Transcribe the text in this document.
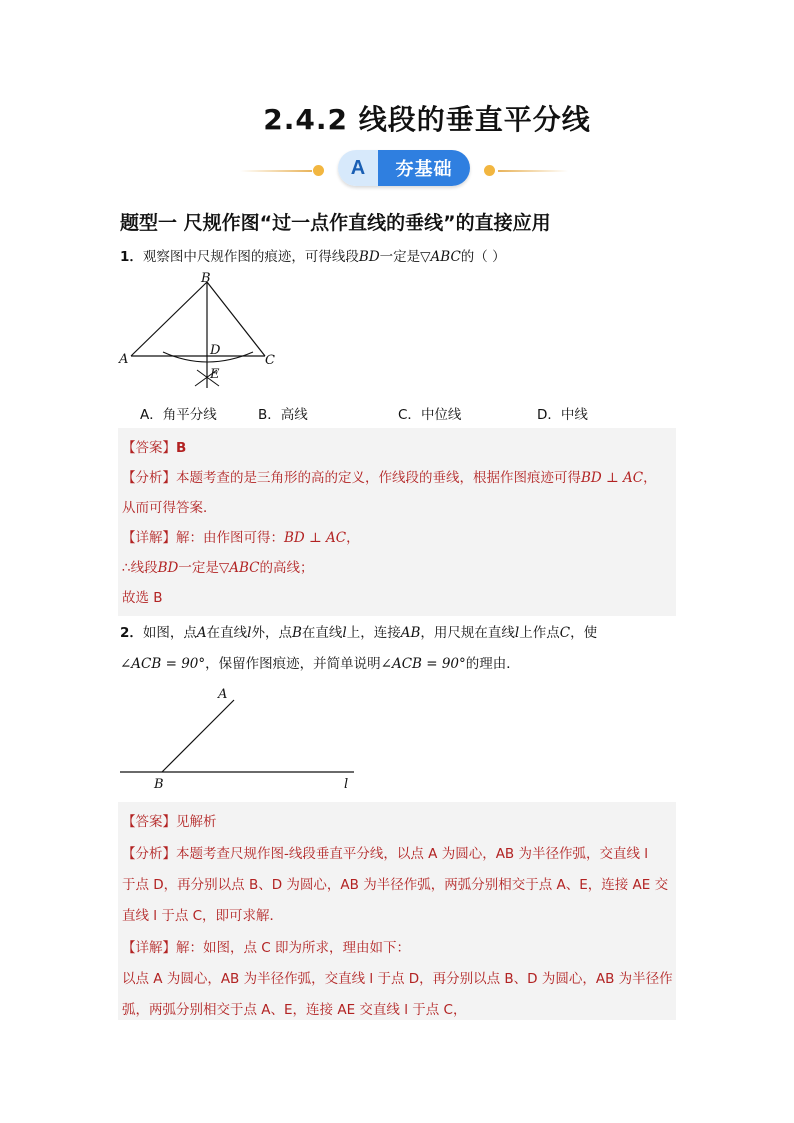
2.4.2 线段的垂直平分线
A	夯基础
题型一 尺规作图“过一点作直线的垂线”的直接应用
1．观察图中尺规作图的痕迹，可得线段BD一定是▽ABC的（ ）
B
A	C
D
E
A．角平分线	B．高线	C．中位线	D．中线
【答案】B
【分析】本题考查的是三角形的高的定义，作线段的垂线，根据作图痕迹可得BD ⊥ AC，
从而可得答案．
【详解】解：由作图可得：BD ⊥ AC，
∴线段BD一定是▽ABC的高线；
故选 B
2．如图，点A在直线l外，点B在直线l上，连接AB，用尺规在直线l上作点C，使
∠ACB = 90°，保留作图痕迹，并简单说明∠ACB = 90°的理由．
A
B	l
【答案】见解析
【分析】本题考查尺规作图-线段垂直平分线，以点 A 为圆心，AB 为半径作弧，交直线 l
于点 D，再分别以点 B、D 为圆心，AB 为半径作弧，两弧分别相交于点 A、E，连接 AE 交
直线 l 于点 C，即可求解．
【详解】解：如图，点 C 即为所求，理由如下：
以点 A 为圆心，AB 为半径作弧，交直线 l 于点 D，再分别以点 B、D 为圆心，AB 为半径作
弧，两弧分别相交于点 A、E，连接 AE 交直线 l 于点 C，
